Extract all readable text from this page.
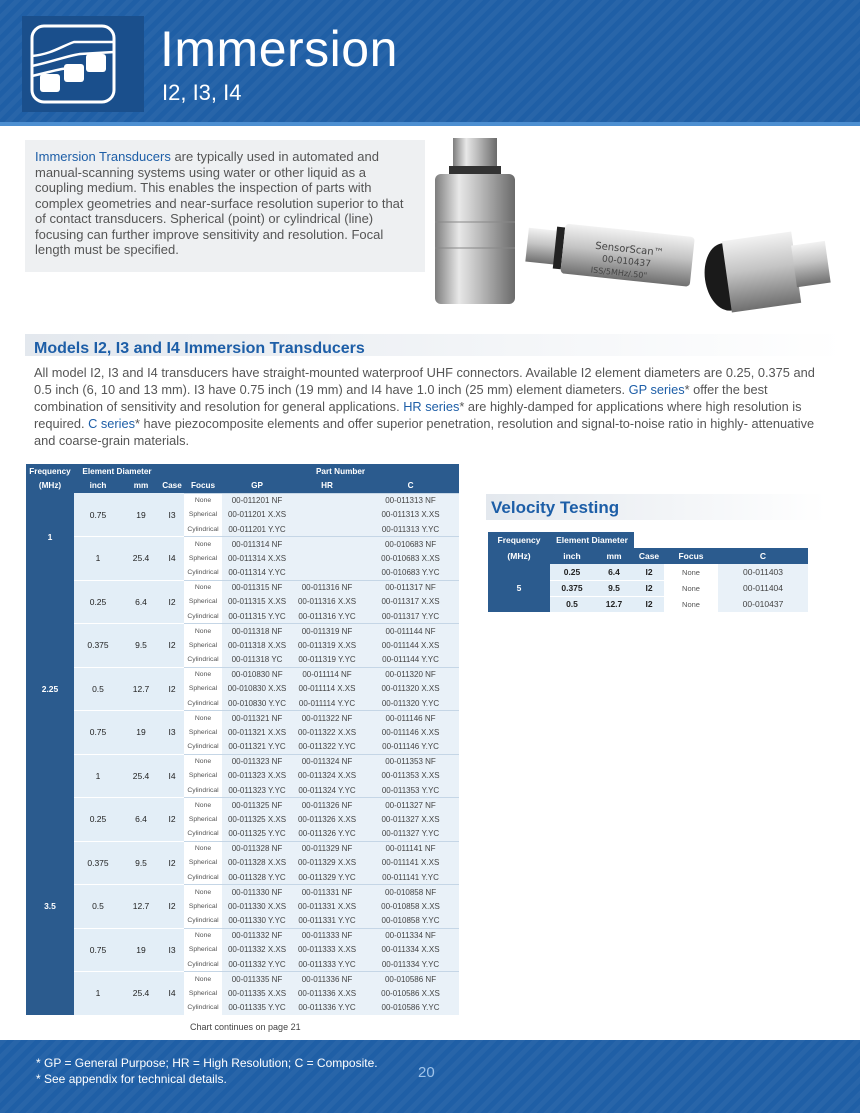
Immersion
I2, I3, I4
Immersion Transducers are typically used in automated and manual-scanning systems using water or other liquid as a coupling medium. This enables the inspection of parts with complex geometries and near-surface resolution superior to that of contact transducers. Spherical (point) or cylindrical (line) focusing can further improve sensitivity and resolution. Focal length must be specified.	SensorScan™
00-010437
ISS/5MHz/.50"
Models I2, I3 and I4 Immersion Transducers
All model I2, I3 and I4 transducers have straight-mounted waterproof UHF connectors. Available I2 element diameters are 0.25, 0.375 and 0.5 inch (6, 10 and 13 mm). I3 have 0.75 inch (19 mm) and I4 have 1.0 inch (25 mm) element diameters. GP series* offer the best combination of sensitivity and resolution for general applications. HR series* are highly-damped for applications where high resolution is required. C series* have piezocomposite elements and offer superior penetration, resolution and signal-to-noise ratio in highly- attenuative and coarse-grain materials.
Frequency	Element Diameter				Part Number		
(MHz)	inch	mm	Case	Focus	GP	HR	C
1	0.75	19	I3	None	00-011201 NF		00-011313 NF
				Spherical	00-011201 X.XS		00-011313 X.XS
				Cylindrical	00-011201 Y.YC		00-011313 Y.YC
	1	25.4	I4	None	00-011314 NF		00-010683 NF
				Spherical	00-011314 X.XS		00-010683 X.XS
				Cylindrical	00-011314 Y.YC		00-010683 Y.YC
2.25	0.25	6.4	I2	None	00-011315 NF	00-011316 NF	00-011317 NF
				Spherical	00-011315 X.XS	00-011316 X.XS	00-011317 X.XS
				Cylindrical	00-011315 Y.YC	00-011316 Y.YC	00-011317 Y.YC
	0.375	9.5	I2	None	00-011318 NF	00-011319 NF	00-011144 NF
				Spherical	00-011318 X.XS	00-011319 X.XS	00-011144 X.XS
				Cylindrical	00-011318 YC	00-011319 Y.YC	00-011144 Y.YC
	0.5	12.7	I2	None	00-010830 NF	00-011114 NF	00-011320 NF
				Spherical	00-010830 X.XS	00-011114 X.XS	00-011320 X.XS
				Cylindrical	00-010830 Y.YC	00-011114 Y.YC	00-011320 Y.YC
	0.75	19	I3	None	00-011321 NF	00-011322 NF	00-011146 NF
				Spherical	00-011321 X.XS	00-011322 X.XS	00-011146 X.XS
				Cylindrical	00-011321 Y.YC	00-011322 Y.YC	00-011146 Y.YC
	1	25.4	I4	None	00-011323 NF	00-011324 NF	00-011353 NF
				Spherical	00-011323 X.XS	00-011324 X.XS	00-011353 X.XS
				Cylindrical	00-011323 Y.YC	00-011324 Y.YC	00-011353 Y.YC
3.5	0.25	6.4	I2	None	00-011325 NF	00-011326 NF	00-011327 NF
				Spherical	00-011325 X.XS	00-011326 X.XS	00-011327 X.XS
				Cylindrical	00-011325 Y.YC	00-011326 Y.YC	00-011327 Y.YC
	0.375	9.5	I2	None	00-011328 NF	00-011329 NF	00-011141 NF
				Spherical	00-011328 X.XS	00-011329 X.XS	00-011141 X.XS
				Cylindrical	00-011328 Y.YC	00-011329 Y.YC	00-011141 Y.YC
	0.5	12.7	I2	None	00-011330 NF	00-011331 NF	00-010858 NF
				Spherical	00-011330 X.XS	00-011331 X.XS	00-010858 X.XS
				Cylindrical	00-011330 Y.YC	00-011331 Y.YC	00-010858 Y.YC
	0.75	19	I3	None	00-011332 NF	00-011333 NF	00-011334 NF
				Spherical	00-011332 X.XS	00-011333 X.XS	00-011334 X.XS
				Cylindrical	00-011332 Y.YC	00-011333 Y.YC	00-011334 Y.YC
	1	25.4	I4	None	00-011335 NF	00-011336 NF	00-010586 NF
				Spherical	00-011335 X.XS	00-011336 X.XS	00-010586 X.XS
				Cylindrical	00-011335 Y.YC	00-011336 Y.YC	00-010586 Y.YC
Chart continues on page 21
Velocity Testing
Frequency	Element Diameter				
(MHz)	inch	mm	Case	Focus	C
5	0.25	6.4	I2	None	00-011403
	0.375	9.5	I2	None	00-011404
	0.5	12.7	I2	None	00-010437
* GP = General Purpose; HR = High Resolution; C = Composite.
* See appendix for technical details.	20
